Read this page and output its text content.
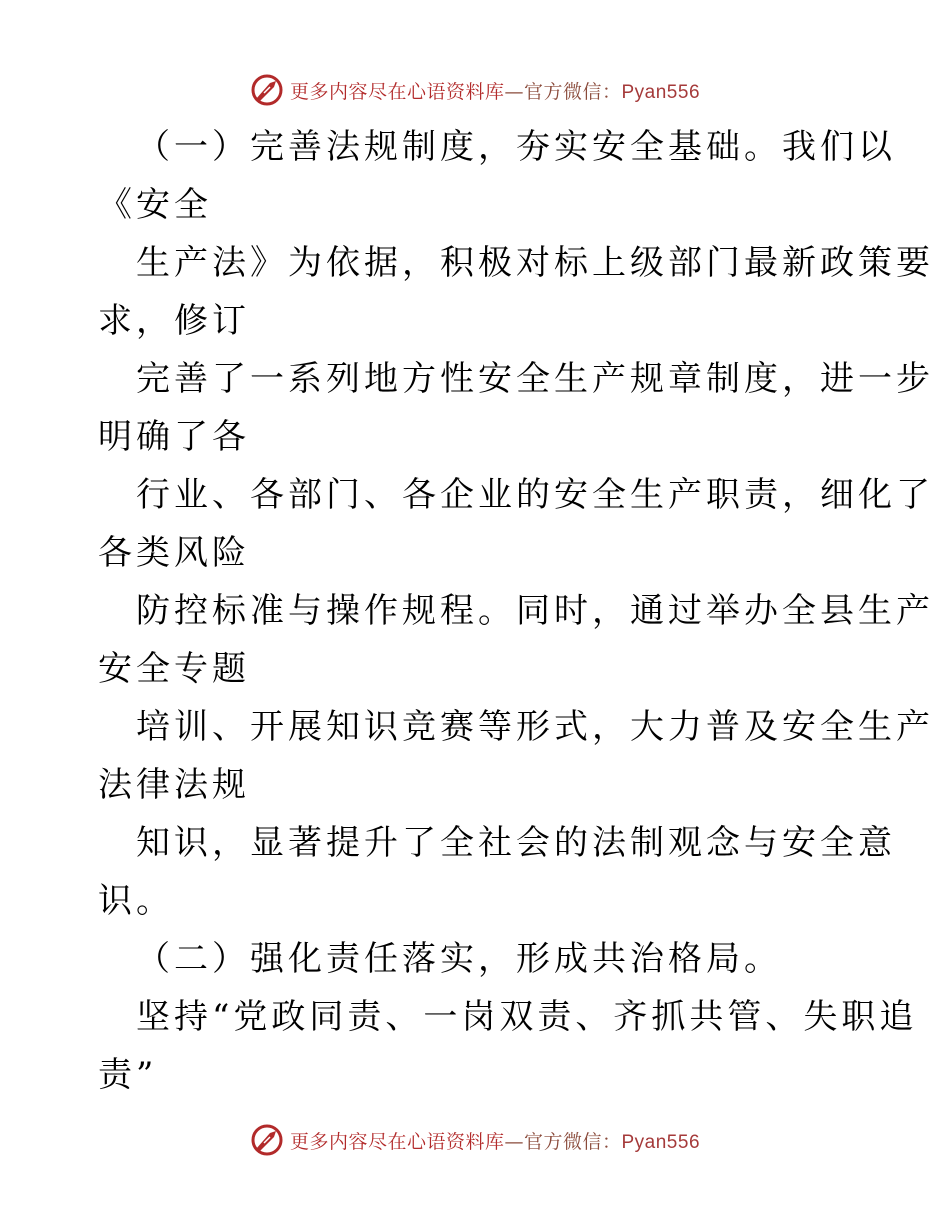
更多内容尽在心语资料库—官方微信：Pyan556
（一）完善法规制度，夯实安全基础。我们以
《安全
生产法》为依据，积极对标上级部门最新政策要
求，修订
完善了一系列地方性安全生产规章制度，进一步
明确了各
行业、各部门、各企业的安全生产职责，细化了
各类风险
防控标准与操作规程。同时，通过举办全县生产
安全专题
培训、开展知识竞赛等形式，大力普及安全生产
法律法规
知识，显著提升了全社会的法制观念与安全意
识。
（二）强化责任落实，形成共治格局。
坚持“党政同责、一岗双责、齐抓共管、失职追
责”
更多内容尽在心语资料库—官方微信：Pyan556
